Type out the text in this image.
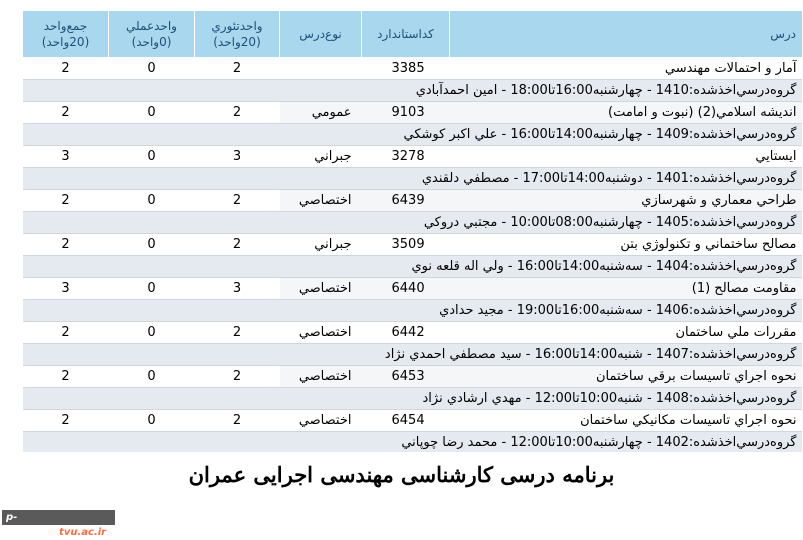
درس	کداستاندارد	نوع‌درس	واحدتئوري (20واحد)	واحدعملي (0واحد)	جمع‌واحد (20واحد)
آمار و احتمالات مهندسي	3385		2	0	2
گروه‌درسي‌اخذشده:1410 - چهارشنبه16:00تا18:00 - امين احمدآبادي					
انديشه اسلامي(2) (نبوت و امامت)	9103	عمومي	2	0	2
گروه‌درسي‌اخذشده:1409 - چهارشنبه14:00تا16:00 - علي اكبر كوشكي					
ايستايي	3278	جبراني	3	0	3
گروه‌درسي‌اخذشده:1401 - دوشنبه14:00تا17:00 - مصطفي دلقندي					
طراحي معماري و شهرسازي	6439	اختصاصي	2	0	2
گروه‌درسي‌اخذشده:1405 - چهارشنبه08:00تا10:00 - مجتبي دروكي					
مصالح ساختماني و تكنولوژي بتن	3509	جبراني	2	0	2
گروه‌درسي‌اخذشده:1404 - سه‌شنبه14:00تا16:00 - ولي اله قلعه نوي					
مقاومت مصالح (1)	6440	اختصاصي	3	0	3
گروه‌درسي‌اخذشده:1406 - سه‌شنبه16:00تا19:00 - مجيد حدادي					
مقررات ملي ساختمان	6442	اختصاصي	2	0	2
گروه‌درسي‌اخذشده:1407 - شنبه14:00تا16:00 - سيد مصطفي احمدي نژاد					
نحوه اجراي تاسيسات برقي ساختمان	6453	اختصاصي	2	0	2
گروه‌درسي‌اخذشده:1408 - شنبه10:00تا12:00 - مهدي ارشادي نژاد					
نحوه اجراي تاسيسات مكانيكي ساختمان	6454	اختصاصي	2	0	2
گروه‌درسي‌اخذشده:1402 - چهارشنبه10:00تا12:00 - محمد رضا چوپاني					
برنامه درسی کارشناسی مهندسی اجرایی عمران
p-sabzevar.tvu.ac.ir
